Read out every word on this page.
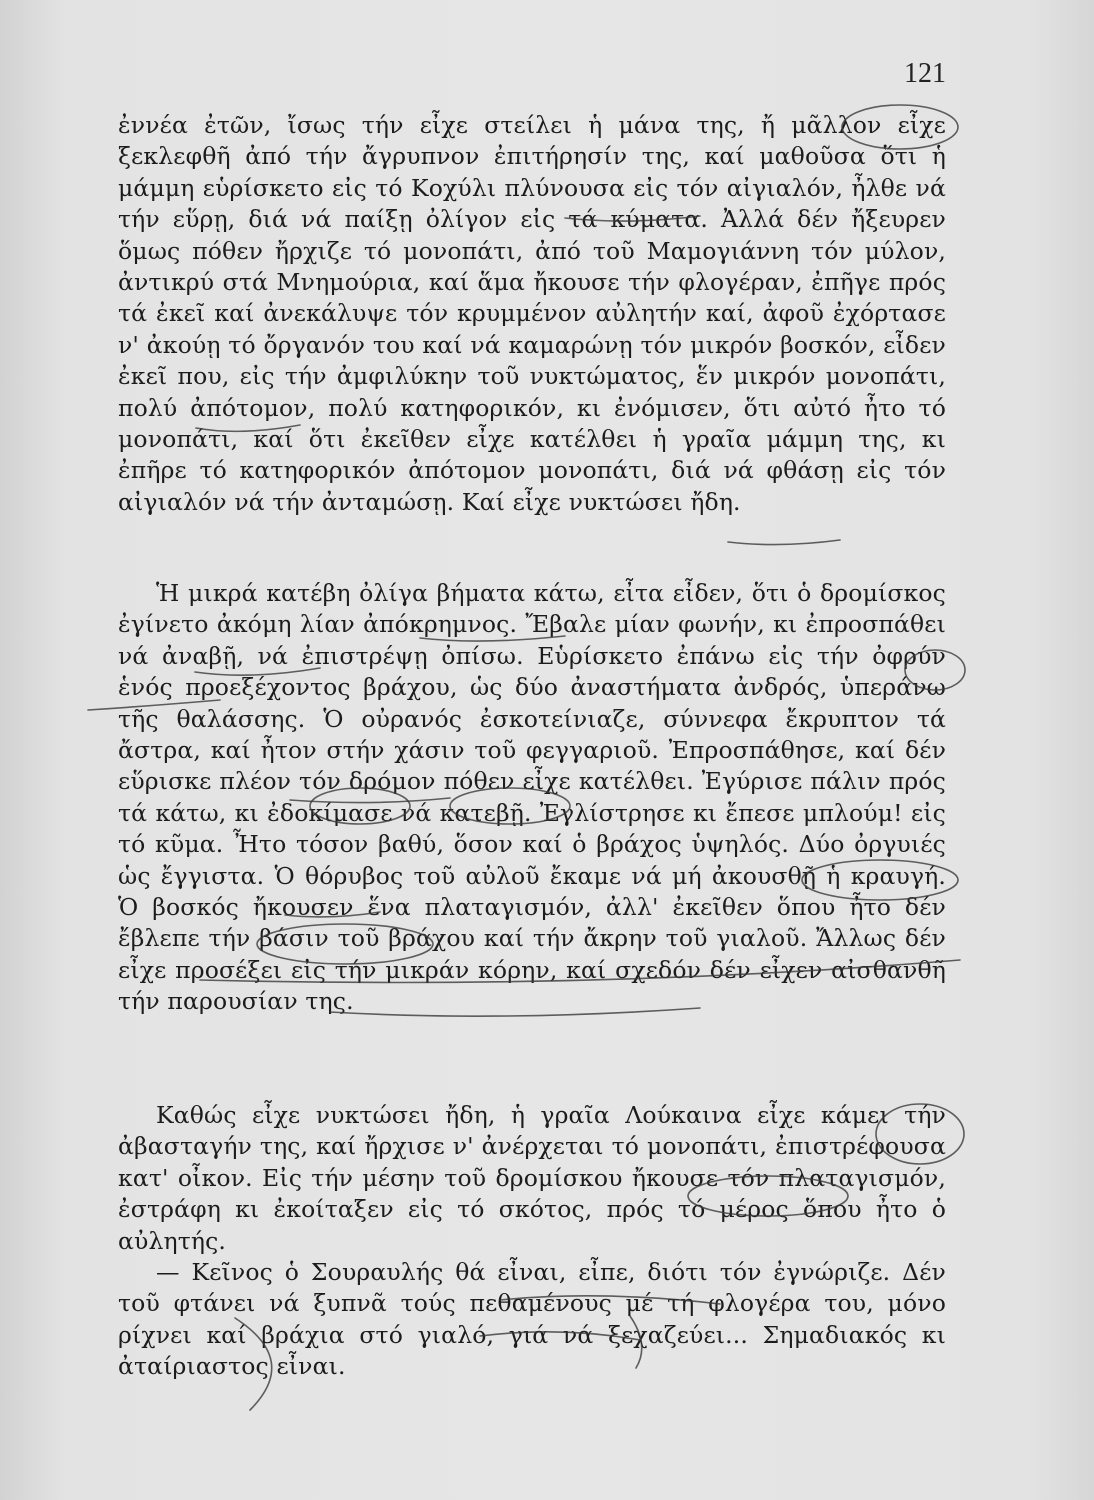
121

ἐννέα ἐτῶν, ἴσως τήν εἶχε στείλει ἡ μάνα της, ἤ μᾶλλον εἶχε ξεκλεφθῆ ἀπό τήν ἄγρυπνον ἐπιτήρησίν της, καί μαθοῦσα ὅτι ἡ μάμμη εὑρίσκετο εἰς τό Κοχύλι πλύνουσα εἰς τόν αἰγιαλόν, ἦλθε νά τήν εὕρῃ, διά νά παίξῃ ὀλίγον εἰς τά κύματα. Ἀλλά δέν ἤξευρεν ὅμως πόθεν ἤρχιζε τό μονοπάτι, ἀπό τοῦ Μαμογιάννη τόν μύλον, ἀντικρύ στά Μνημούρια, καί ἅμα ἤκουσε τήν φλογέραν, ἐπῆγε πρός τά ἐκεῖ καί ἀνεκάλυψε τόν κρυμμένον αὐλητήν καί, ἀφοῦ ἐχόρτασε ν' ἀκούῃ τό ὄργανόν του καί νά καμαρώνῃ τόν μικρόν βοσκόν, εἶδεν ἐκεῖ που, εἰς τήν ἀμφιλύκην τοῦ νυκτώματος, ἕν μικρόν μονοπάτι, πολύ ἀπότομον, πολύ κατηφορικόν, κι ἐνόμισεν, ὅτι αὐτό ἦτο τό μονοπάτι, καί ὅτι ἐκεῖθεν εἶχε κατέλθει ἡ γραῖα μάμμη της, κι ἐπῆρε τό κατηφορικόν ἀπότομον μονοπάτι, διά νά φθάσῃ εἰς τόν αἰγιαλόν νά τήν ἀνταμώσῃ. Καί εἶχε νυκτώσει ἤδη.

Ἡ μικρά κατέβη ὀλίγα βήματα κάτω, εἶτα εἶδεν, ὅτι ὁ δρομίσκος ἐγίνετο ἀκόμη λίαν ἀπόκρημνος. Ἔβαλε μίαν φωνήν, κι ἐπροσπάθει νά ἀναβῇ, νά ἐπιστρέψῃ ὀπίσω. Εὑρίσκετο ἐπάνω εἰς τήν ὀφρύν ἑνός προεξέχοντος βράχου, ὡς δύο ἀναστήματα ἀνδρός, ὑπεράνω τῆς θαλάσσης. Ὁ οὐρανός ἐσκοτείνιαζε, σύννεφα ἔκρυπτον τά ἄστρα, καί ἦτον στήν χάσιν τοῦ φεγγαριοῦ. Ἐπροσπάθησε, καί δέν εὕρισκε πλέον τόν δρόμον πόθεν εἶχε κατέλθει. Ἐγύρισε πάλιν πρός τά κάτω, κι ἐδοκίμασε νά κατεβῇ. Ἐγλίστρησε κι ἔπεσε μπλούμ! εἰς τό κῦμα. Ἦτο τόσον βαθύ, ὅσον καί ὁ βράχος ὑψηλός. Δύο ὀργυιές ὡς ἔγγιστα. Ὁ θόρυβος τοῦ αὐλοῦ ἔκαμε νά μή ἀκουσθῇ ἡ κραυγή. Ὁ βοσκός ἤκουσεν ἕνα πλαταγισμόν, ἀλλ' ἐκεῖθεν ὅπου ἦτο δέν ἔβλεπε τήν βάσιν τοῦ βράχου καί τήν ἄκρην τοῦ γιαλοῦ. Ἄλλως δέν εἶχε προσέξει εἰς τήν μικράν κόρην, καί σχεδόν δέν εἶχεν αἰσθανθῆ τήν παρουσίαν της.

Καθώς εἶχε νυκτώσει ἤδη, ἡ γραῖα Λούκαινα εἶχε κάμει τήν ἀβασταγήν της, καί ἤρχισε ν' ἀνέρχεται τό μονοπάτι, ἐπιστρέφουσα κατ' οἶκον. Εἰς τήν μέσην τοῦ δρομίσκου ἤκουσε τόν πλαταγισμόν, ἐστράφη κι ἐκοίταξεν εἰς τό σκότος, πρός τό μέρος ὅπου ἦτο ὁ αὐλητής.

— Κεῖνος ὁ Σουραυλής θά εἶναι, εἶπε, διότι τόν ἐγνώριζε. Δέν τοῦ φτάνει νά ξυπνᾶ τούς πεθαμένους μέ τή φλογέρα του, μόνο ρίχνει καί βράχια στό γιαλό, γιά νά ξεχαζεύει... Σημαδιακός κι ἀταίριαστος εἶναι.
